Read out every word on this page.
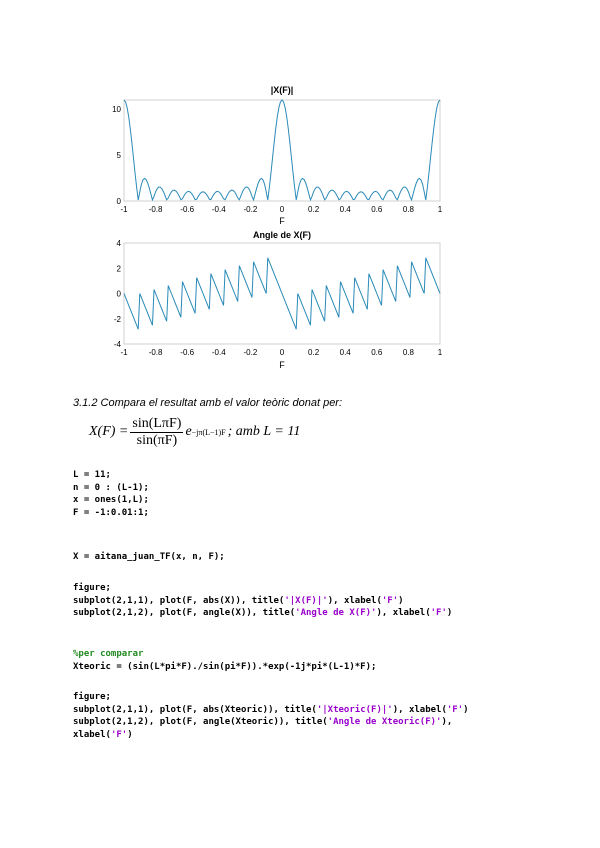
|X(F)|
-1	-0.8 -0.6 -0.4 -0.2	0	0.2	0.4	0.6	0.8	1
0
5
10
F
Angle de X(F)
-1	-0.8 -0.6 -0.4 -0.2	0	0.2	0.4	0.6	0.8	1
-4
-2
0
2
4
F
3.1.2 Compara el resultat amb el valor teòric donat per:
$X(F) = \frac{\text{sin(LπF)}}{\sin(\pi F)}$ e −jπ(L−1)F ; amb L = 11
L = 11;
n = 0 : (L-1);
x = ones(1,L);
F = -1:0.01:1;
X = aitana_juan_TF(x, n, F);
figure;
subplot(2,1,1), plot(F, abs(X)), title('|X(F)|'), xlabel('F')
subplot(2,1,2), plot(F, angle(X)), title('Angle de X(F)'), xlabel('F')
%per comparar
Xteoric = (sin(L*pi*F)./sin(pi*F)).*exp(-1j*pi*(L-1)*F);
figure;
subplot(2,1,1), plot(F, abs(Xteoric)), title('|Xteoric(F)|'), xlabel('F')
subplot(2,1,2), plot(F, angle(Xteoric)), title('Angle de Xteoric(F)'),
xlabel('F')
